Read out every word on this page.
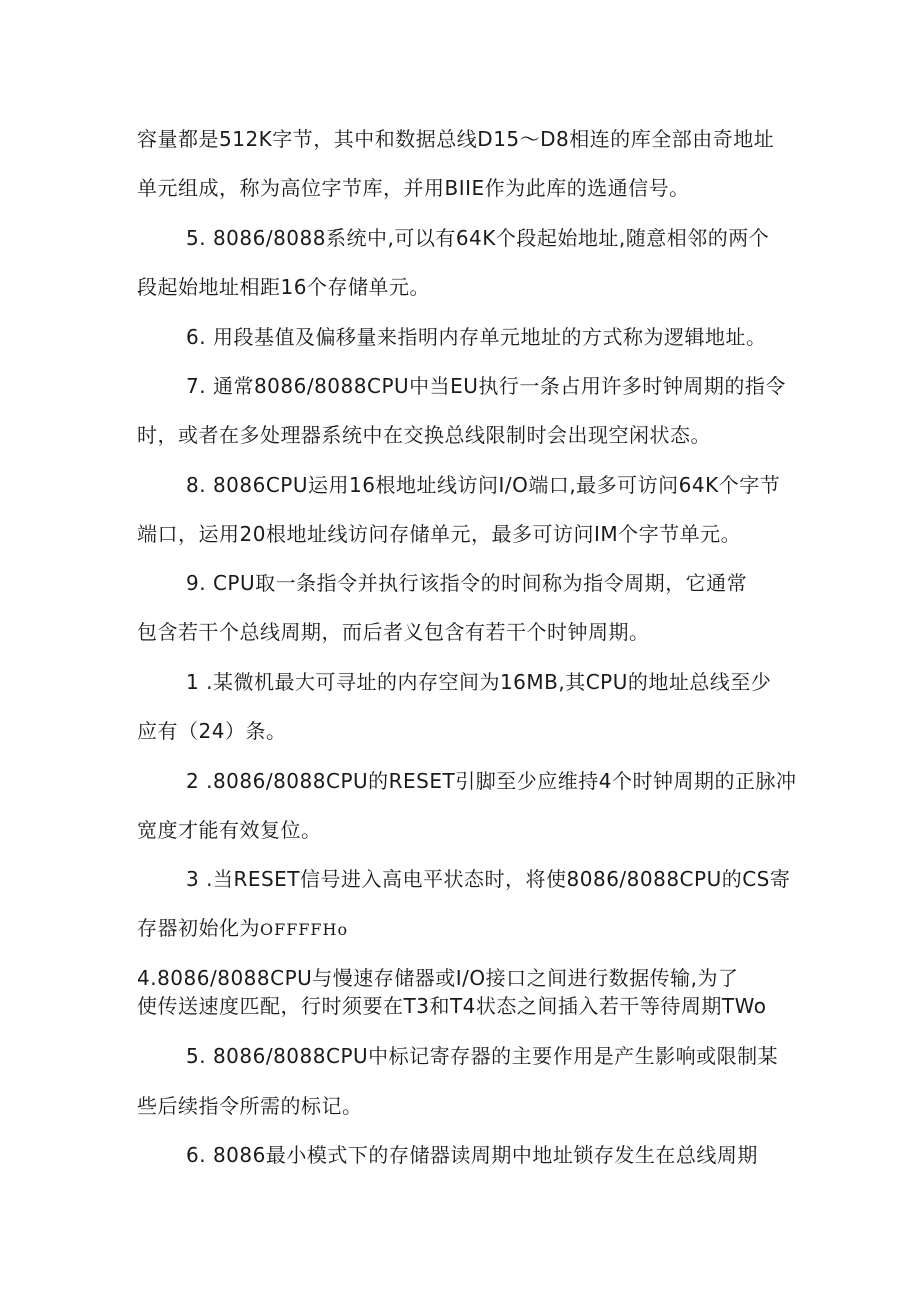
容量都是512K字节，其中和数据总线D15～D8相连的库全部由奇地址
单元组成，称为高位字节库，并用BIIE作为此库的选通信号。
5. 8086/8088系统中,可以有64K个段起始地址,随意相邻的两个
段起始地址相距16个存储单元。
6. 用段基值及偏移量来指明内存单元地址的方式称为逻辑地址。
7. 通常8086/8088CPU中当EU执行一条占用许多时钟周期的指令
时，或者在多处理器系统中在交换总线限制时会出现空闲状态。
8. 8086CPU运用16根地址线访问I/O端口,最多可访问64K个字节
端口，运用20根地址线访问存储单元，最多可访问IM个字节单元。
9. CPU取一条指令并执行该指令的时间称为指令周期，它通常
包含若干个总线周期，而后者义包含有若干个时钟周期。
1 .某微机最大可寻址的内存空间为16MB,其CPU的地址总线至少
应有（24）条。
2 .8086/8088CPU的RESET引脚至少应维持4个时钟周期的正脉冲
宽度才能有效复位。
3 .当RESET信号进入高电平状态时，将使8086/8088CPU的CS寄
存器初始化为OFFFFHo
4.8086/8088CPU与慢速存储器或I/O接口之间进行数据传输,为了
使传送速度匹配，行时须要在T3和T4状态之间插入若干等待周期TWo
5. 8086/8088CPU中标记寄存器的主要作用是产生影响或限制某
些后续指令所需的标记。
6. 8086最小模式下的存储器读周期中地址锁存发生在总线周期
